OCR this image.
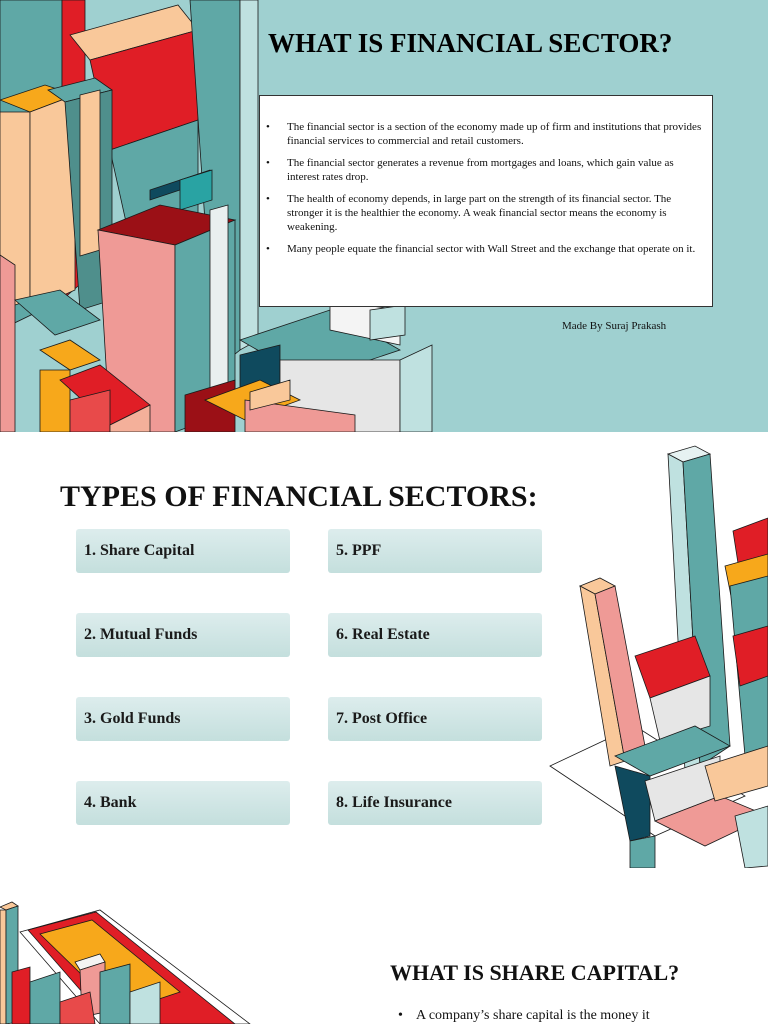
WHAT IS FINANCIAL SECTOR?
• The financial sector is a section of the economy made up of firm and institutions that provides financial services to commercial and retail customers.
• The financial sector generates a revenue from mortgages and loans, which gain value as interest rates drop.
• The health of economy depends, in large part on the strength of its financial sector. The stronger it is the healthier the economy. A weak financial sector means the economy is weakening.
• Many people equate the financial sector with Wall Street and the exchange that operate on it.
Made By Suraj Prakash
TYPES OF FINANCIAL SECTORS:
1. Share Capital
2. Mutual Funds
3. Gold Funds
4. Bank
5. PPF
6. Real Estate
7. Post Office
8. Life Insurance
WHAT IS SHARE CAPITAL?
• A company’s share capital is the money it
